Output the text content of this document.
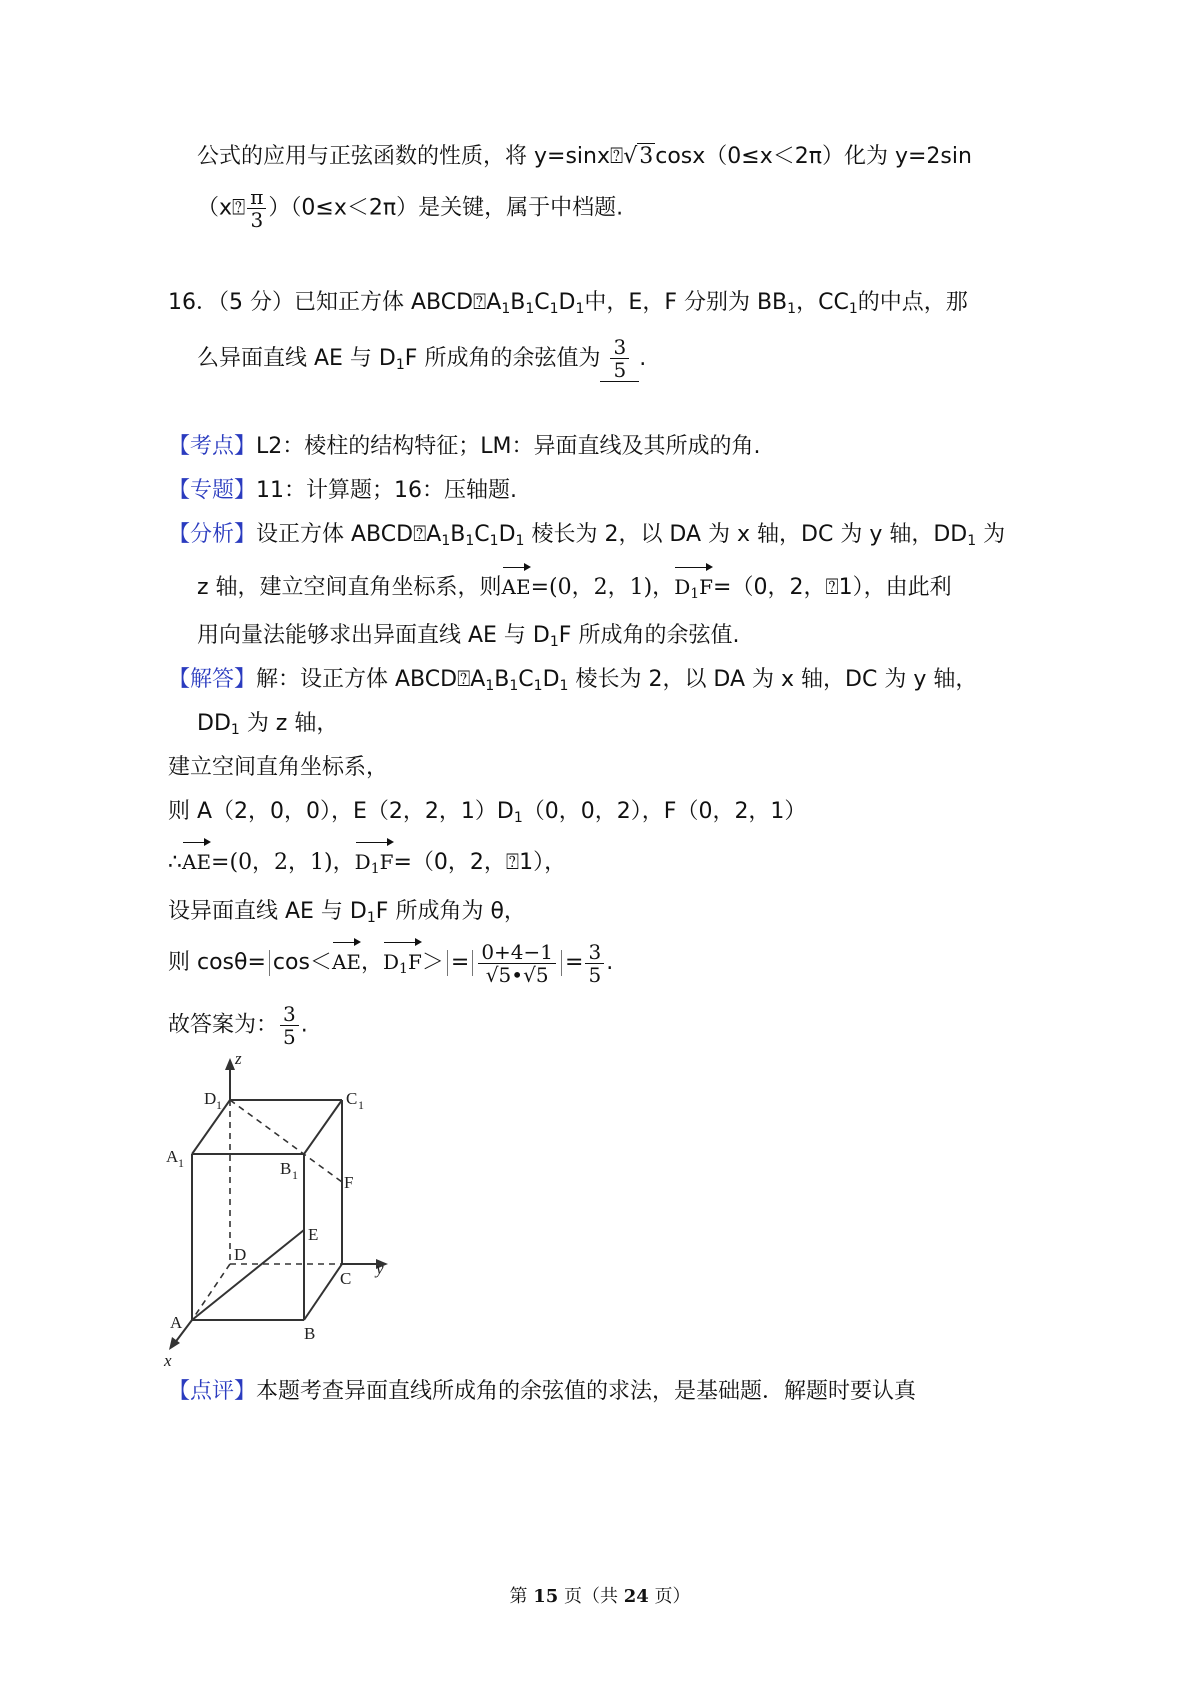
公式的应用与正弦函数的性质，将 y=sinx⍰√3cosx（0≤x＜2π）化为 y=2sin
（x⍰ $\frac{\pi}{3} )(0\le x<2\pi)$是关键，属于中档题.
16．（5 分）已知正方体 $ABCD⍰A_1B_1C_1D_1$中，E，F 分别为 $BB_1$，$CC_1$的中点，那
么异面直线 AE 与 $D_1F$ 所成角的余弦值为 $\frac{3}{5}$ .
【考点】L2：棱柱的结构特征；LM：异面直线及其所成的角.
【专题】11：计算题；16：压轴题.
【分析】设正方体 $ABCD⍰A_1B_1C_1D_1$ 棱长为 2，以 DA 为 x 轴，DC 为 y 轴，$DD_1$ 为
z 轴，建立空间直角坐标系，则AE=(0，2，1)，$D_1F=(0$，2，⍰1），由此利
用向量法能够求出异面直线 AE 与 $D_1F$ 所成角的余弦值.
【解答】解：设正方体 $ABCD⍰A_1B_1C_1D_1$ 棱长为 2，以 DA 为 x 轴，DC 为 y 轴，
$DD_1$ 为 z 轴，
建立空间直角坐标系，
则 A（2，0，0），E（2，2，$1)D_1(0$，0，2），F（0，2，1）
∴AE=(0，2，1)，$D_1F=(0$，2，⍰1），
设异面直线 AE 与 $D_1F$ 所成角为 θ，
则 cosθ= cos＜AE，$D_1F> = \frac{0+4-1}{√5•√5} = \frac{3}{5}$ .
故答案为： $\frac{3}{5}$ .
z
y
x
D 1	C 1
A 1	B 1	F
E
D
C
A
B
【点评】本题考查异面直线所成角的余弦值的求法，是基础题．解题时要认真
第 15 页（共 24 页）
